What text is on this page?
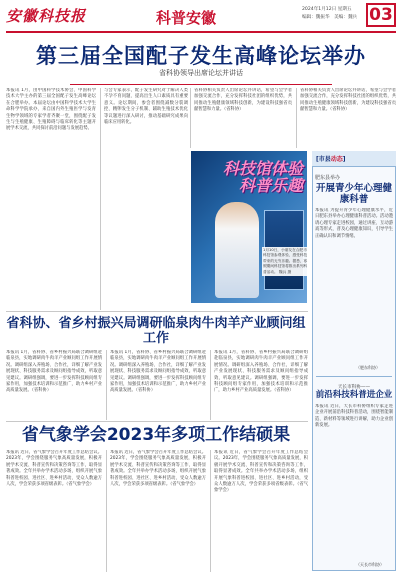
安徽科技报	科普安徽	2024年1月12日 星期五
编辑：魏振华　美编：魏兵 03
第三届全国配子发生高峰论坛举办
省科协领导出席论坛并讲话
本报讯 1月，由中国科学技术协会、中国科学技术大学主办的第三届全国配子发生高峰论坛在合肥举办。本届论坛由中国科学技术大学生命科学学院承办，来自国内外生殖医学与发育生物学领域的专家学者齐聚一堂，围绕配子发生与生殖健康、生殖障碍与临床转化等主题开展学术交流，共同探讨前沿问题与发展趋势。
与会专家表示，配子发生研究对于解决人类不孕不育问题、提高出生人口素质具有重要意义。论坛期间，参会者围绕减数分裂调控、精卵发生分子机制、辅助生殖技术优化等议题进行深入研讨，推动基础研究成果向临床应用转化。
省科协相关负责人出席论坛并讲话，希望与会学者加强交流合作，充分发挥科技社团的组织优势，共同推动生殖健康领域科技创新，为建设科技强省贡献智慧和力量。（省科协）
省科协相关负责人出席论坛并讲话，希望与会学者加强交流合作，充分发挥科技社团的组织优势，共同推动生殖健康领域科技创新，为建设科技强省贡献智慧和力量。（省科协）
科技馆体验科普乐趣
1月10日，小朋友在合肥市科技馆参观体验，感受科技带来的无穷乐趣。据悉，寒假期间科技馆将推出系列科普活动。 魏兵 摄
省科协、省乡村振兴局调研临泉肉牛肉羊产业顾问组工作
本报讯 1月，省科协、省乡村振兴局联合调研组赴临泉县，实地调研肉牛肉羊产业顾问组工作开展情况。调研组深入养殖场、合作社，详细了解产业发展现状、科技服务需求及顾问组指导成效，听取意见建议。调研组强调，要进一步发挥科技顾问组专家作用，加强技术培训和示范推广，助力乡村产业高质量发展。（省科协）
本报讯 1月，省科协、省乡村振兴局联合调研组赴临泉县，实地调研肉牛肉羊产业顾问组工作开展情况。调研组深入养殖场、合作社，详细了解产业发展现状、科技服务需求及顾问组指导成效，听取意见建议。调研组强调，要进一步发挥科技顾问组专家作用，加强技术培训和示范推广，助力乡村产业高质量发展。（省科协）
本报讯 1月，省科协、省乡村振兴局联合调研组赴临泉县，实地调研肉牛肉羊产业顾问组工作开展情况。调研组深入养殖场、合作社，详细了解产业发展现状、科技服务需求及顾问组指导成效，听取意见建议。调研组强调，要进一步发挥科技顾问组专家作用，加强技术培训和示范推广，助力乡村产业高质量发展。（省科协）
省气象学会2023年多项工作结硕果
本报讯 近日，省气象学会召开年度工作总结会议。2023年，学会围绕服务气象高质量发展，积极开展学术交流、科普宣传和决策咨询等工作，取得显著成效。全年共举办学术活动多场，组织开展气象科普进校园、进社区、进乡村活动，受众人数逾万人次，学会荣获多项省级表彰。（省气象学会）
本报讯 近日，省气象学会召开年度工作总结会议。2023年，学会围绕服务气象高质量发展，积极开展学术交流、科普宣传和决策咨询等工作，取得显著成效。全年共举办学术活动多场，组织开展气象科普进校园、进社区、进乡村活动，受众人数逾万人次，学会荣获多项省级表彰。（省气象学会）
本报讯 近日，省气象学会召开年度工作总结会议。2023年，学会围绕服务气象高质量发展，积极开展学术交流、科普宣传和决策咨询等工作，取得显著成效。全年共举办学术活动多场，组织开展气象科普进校园、进社区、进乡村活动，受众人数逾万人次，学会荣获多项省级表彰。（省气象学会）
[市县动态]
肥东县举办
开展青少年心理健康科普
本报讯 为提升青少年心理健康水平，近日肥东县举办心理健康科普活动。活动邀请心理专家走进校园，通过讲座、互动游戏等形式，普及心理健康知识，引导学生正确认识和调节情绪。
（肥东科协）
天长市科协——
前沿科技科普进企业
本报讯 近日，天长市科协组织专家走进企业开展前沿科技科普活动，围绕智能制造、新材料等领域进行讲解，助力企业创新发展。
（天长市科协）
